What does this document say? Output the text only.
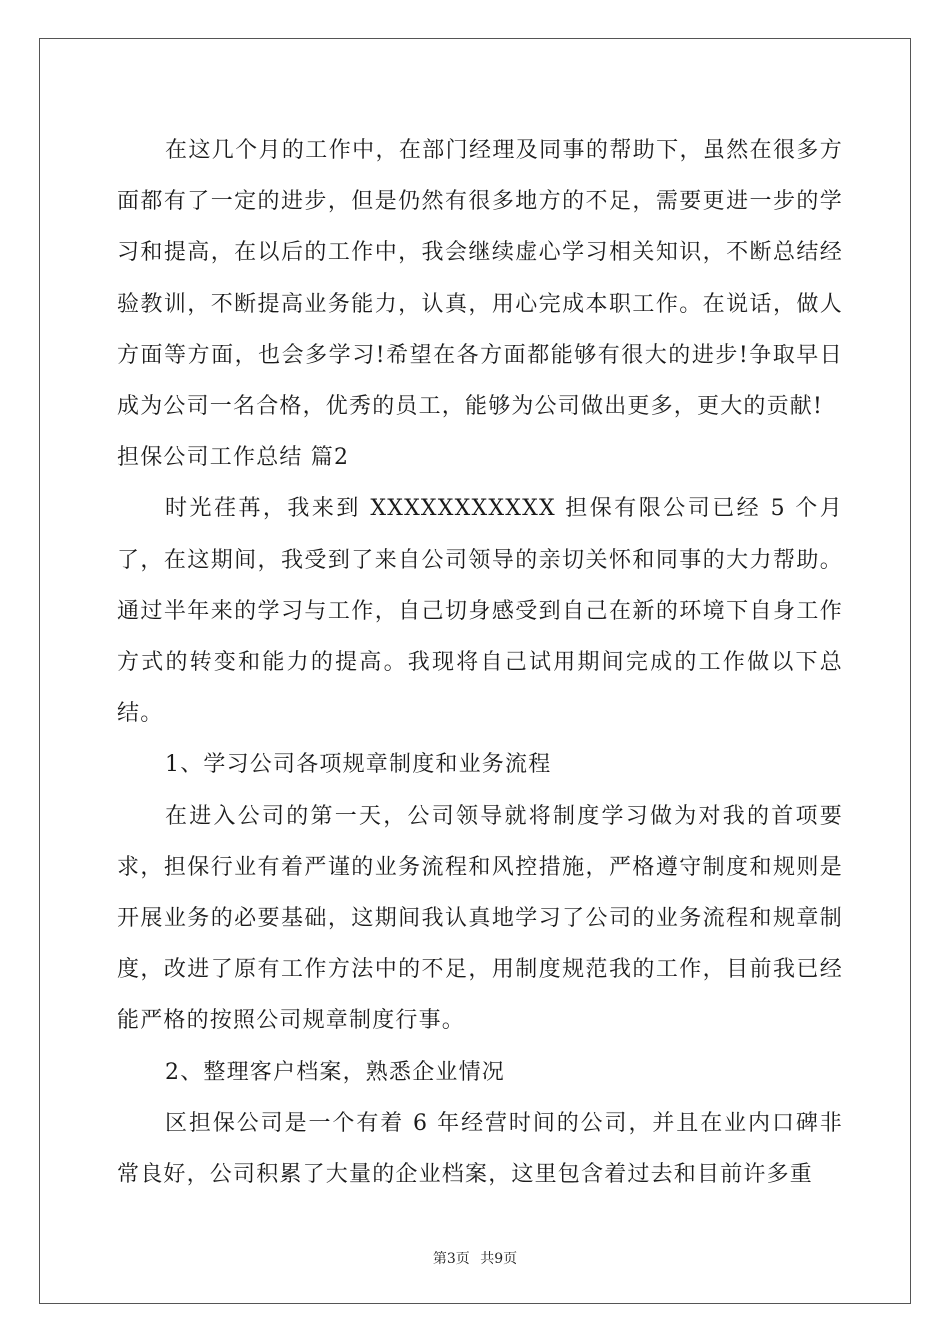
在这几个月的工作中，在部门经理及同事的帮助下，虽然在很多方面都有了一定的进步，但是仍然有很多地方的不足，需要更进一步的学习和提高，在以后的工作中，我会继续虚心学习相关知识，不断总结经验教训，不断提高业务能力，认真，用心完成本职工作。在说话，做人方面等方面，也会多学习!希望在各方面都能够有很大的进步!争取早日成为公司一名合格，优秀的员工，能够为公司做出更多，更大的贡献!

担保公司工作总结 篇2

时光荏苒，我来到 XXXXXXXXXXX 担保有限公司已经 5 个月了，在这期间，我受到了来自公司领导的亲切关怀和同事的大力帮助。通过半年来的学习与工作，自己切身感受到自己在新的环境下自身工作方式的转变和能力的提高。我现将自己试用期间完成的工作做以下总结。

1、学习公司各项规章制度和业务流程

在进入公司的第一天，公司领导就将制度学习做为对我的首项要求，担保行业有着严谨的业务流程和风控措施，严格遵守制度和规则是开展业务的必要基础，这期间我认真地学习了公司的业务流程和规章制度，改进了原有工作方法中的不足，用制度规范我的工作，目前我已经能严格的按照公司规章制度行事。

2、整理客户档案，熟悉企业情况

区担保公司是一个有着 6 年经营时间的公司，并且在业内口碑非常良好，公司积累了大量的企业档案，这里包含着过去和目前许多重

第3页 共9页
